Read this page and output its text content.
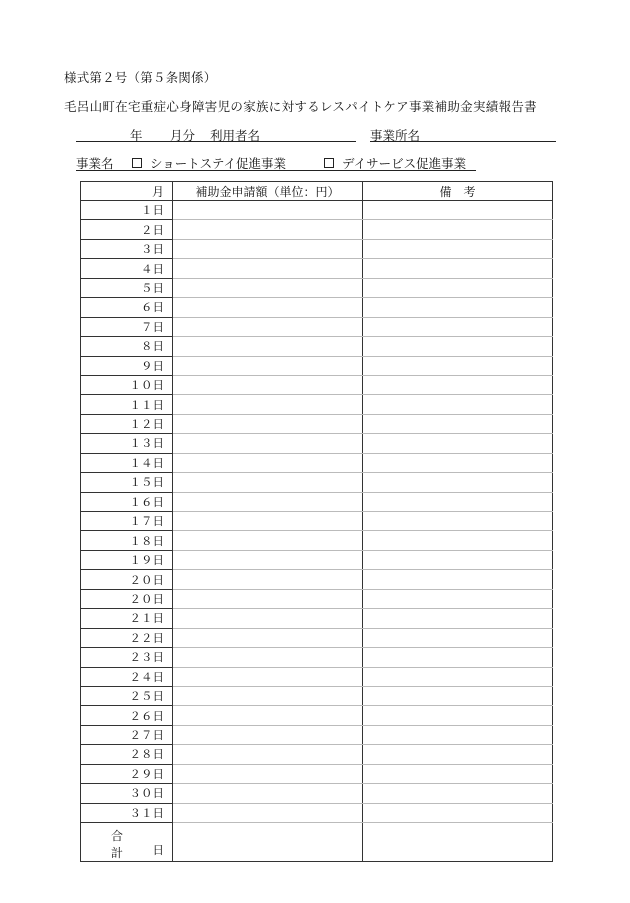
様式第２号（第５条関係）
毛呂山町在宅重症心身障害児の家族に対するレスパイトケア事業補助金実績報告書
年 月分 利用者名	事業所名
事業名	ショートステイ促進事業	デイサービス促進事業
月	補助金申請額（単位：円）	備　考
１日		
２日		
３日		
４日		
５日		
６日		
７日		
８日		
９日		
１０日		
１１日		
１２日		
１３日		
１４日		
１５日		
１６日		
１７日		
１８日		
１９日		
２０日		
２０日		
２１日		
２２日		
２３日		
２４日		
２５日		
２６日		
２７日		
２８日		
２９日		
３０日		
３１日		

合　計 日		
